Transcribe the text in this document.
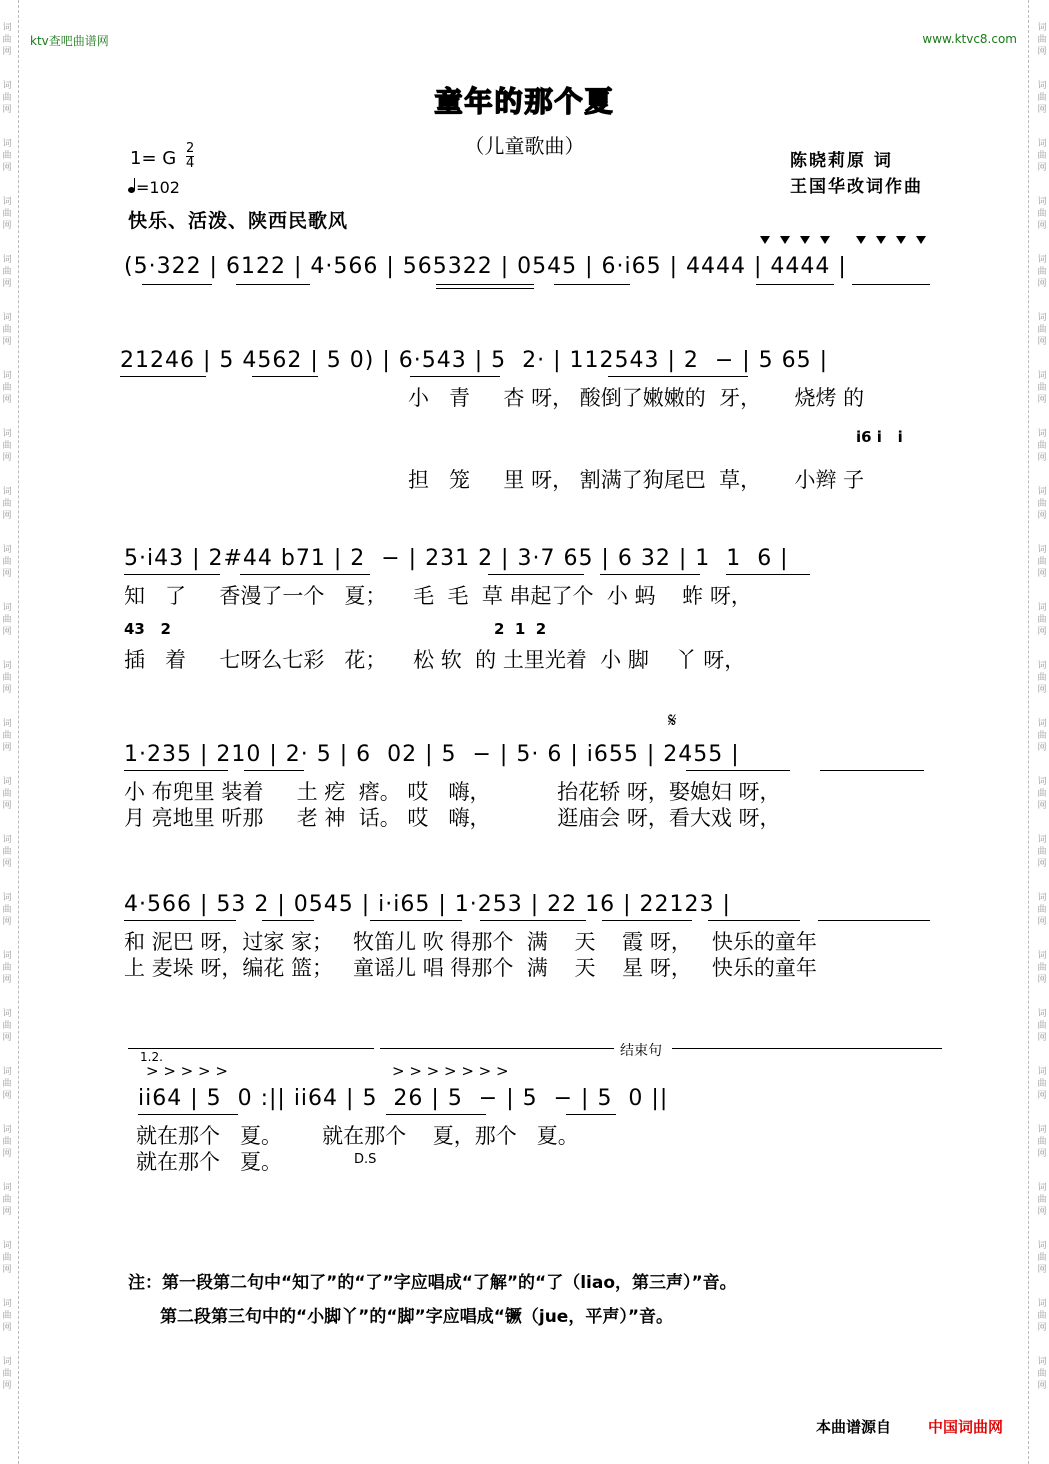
词
曲
网
词
曲
网
词
曲
网
词
曲
网
词
曲
网
词
曲
网
词
曲
网
词
曲
网
词
曲
网
词
曲
网
词
曲
网
词
曲
网
词
曲
网
词
曲
网
词
曲
网
词
曲
网
词
曲
网
词
曲
网
词
曲
网
词
曲
网
词
曲
网
词
曲
网
词
曲
网
词
曲
网
词
曲
网
词
曲
网
词
曲
网
词
曲
网
词
曲
网
词
曲
网
词
曲
网
词
曲
网
词
曲
网
词
曲
网
词
曲
网
词
曲
网
词
曲
网
词
曲
网
词
曲
网
词
曲
网
词
曲
网
词
曲
网
词
曲
网
词
曲
网
词
曲
网
词
曲
网
词
曲
网
词
曲
网
ktv查吧曲谱网	www.ktvc8.com
童年的那个夏
（儿童歌曲）
1= G 2
4
=102
快乐、活泼、陕西民歌风
陈晓莉原 词
王国华改词作曲
(5·322 | 6122 | 4·566 | 565322 | 0545 | 6·i65 | 4444 | 4444 |
21246 | 5 4562 | 5 0) | 6·543 | 5  2· | 112543 | 2  − | 5 65 |
小   青     杏 呀， 酸倒了嫩嫩的  牙，     烧烤 的
i6 i   i
担   笼     里 呀， 割满了狗尾巴  草，     小辫 子
5·i43 | 2#44 b71 | 2  − | 231 2 | 3·7 65 | 6 32 | 1  1  6 |
知   了     香漫了一个   夏；    毛  毛  草 串起了个  小 蚂    蚱 呀，
43   2	2  1  2
插   着     七呀么七彩   花；    松 软  的 土里光着  小 脚    丫 呀，
𝄋
1·235 | 210 | 2· 5 | 6  02 | 5  − | 5· 6 | i655 | 2455 |
小 布兜里 装着     土 疙  瘩。 哎   嗨，          抬花轿 呀，娶媳妇 呀，
月 亮地里 听那     老 神  话。 哎   嗨，          逛庙会 呀，看大戏 呀，
4·566 | 53 2 | 0545 | i·i65 | 1·253 | 22 16 | 22123 |
和 泥巴 呀，过家 家；   牧笛儿 吹 得那个  满    天    霞 呀，   快乐的童年
上 麦垛 呀，编花 篮；   童谣儿 唱 得那个  满    天    星 呀，   快乐的童年
1.2.	结束句
> > > > >	> > > > > > >
ii64 | 5  0 :|| ii64 | 5  26 | 5  − | 5  − | 5  0 ||
就在那个   夏。      就在那个    夏，那个   夏。
就在那个   夏。	D.S
注：第一段第二句中“知了”的“了”字应唱成“了解”的“了（liao，第三声）”音。
第二段第三句中的“小脚丫”的“脚”字应唱成“镢（jue，平声）”音。
本曲谱源自 中国词曲网
